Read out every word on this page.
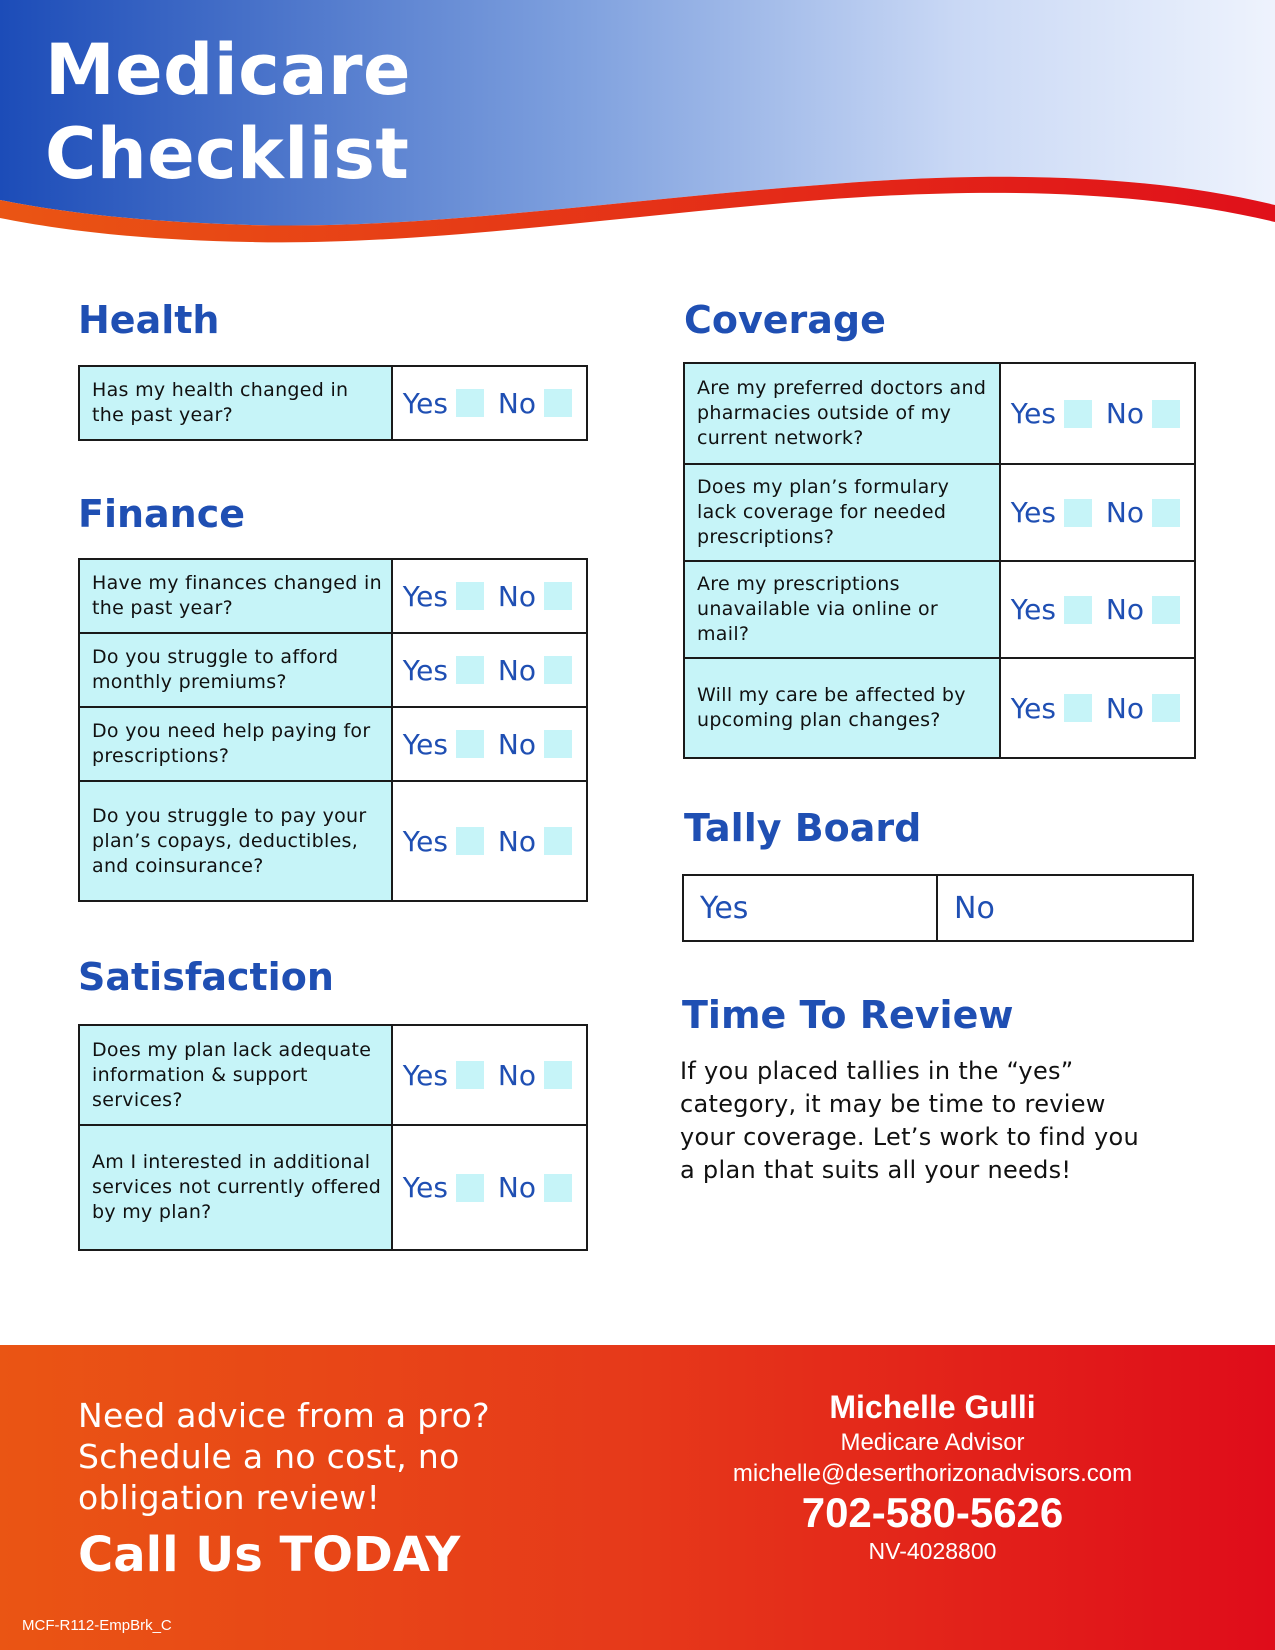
Medicare
Checklist
Health
Has my health changed in the past year?	Yes No
Finance
Have my finances changed in the past year?	Yes No

Do you struggle to afford monthly premiums?	Yes No

Do you need help paying for prescriptions?	Yes No

Do you struggle to pay your plan’s copays, deductibles, and coinsurance?	Yes No
Satisfaction
Does my plan lack adequate information & support services?	Yes No

Am I interested in additional services not currently offered by my plan?	Yes No
Coverage
Are my preferred doctors and pharmacies outside of my current network?	Yes No

Does my plan’s formulary lack coverage for needed prescriptions?	Yes No

Are my prescriptions unavailable via online or mail?	Yes No

Will my care be affected by upcoming plan changes?	Yes No
Tally Board
Yes	No
Time To Review
If you placed tallies in the “yes” category, it may be time to review your coverage. Let’s work to find you a plan that suits all your needs!
Need advice from a pro? Schedule a no cost, no obligation review!
Call Us TODAY
Michelle Gulli
Medicare Advisor
michelle@deserthorizonadvisors.com
702-580-5626
NV-4028800
MCF-R112-EmpBrk_C
